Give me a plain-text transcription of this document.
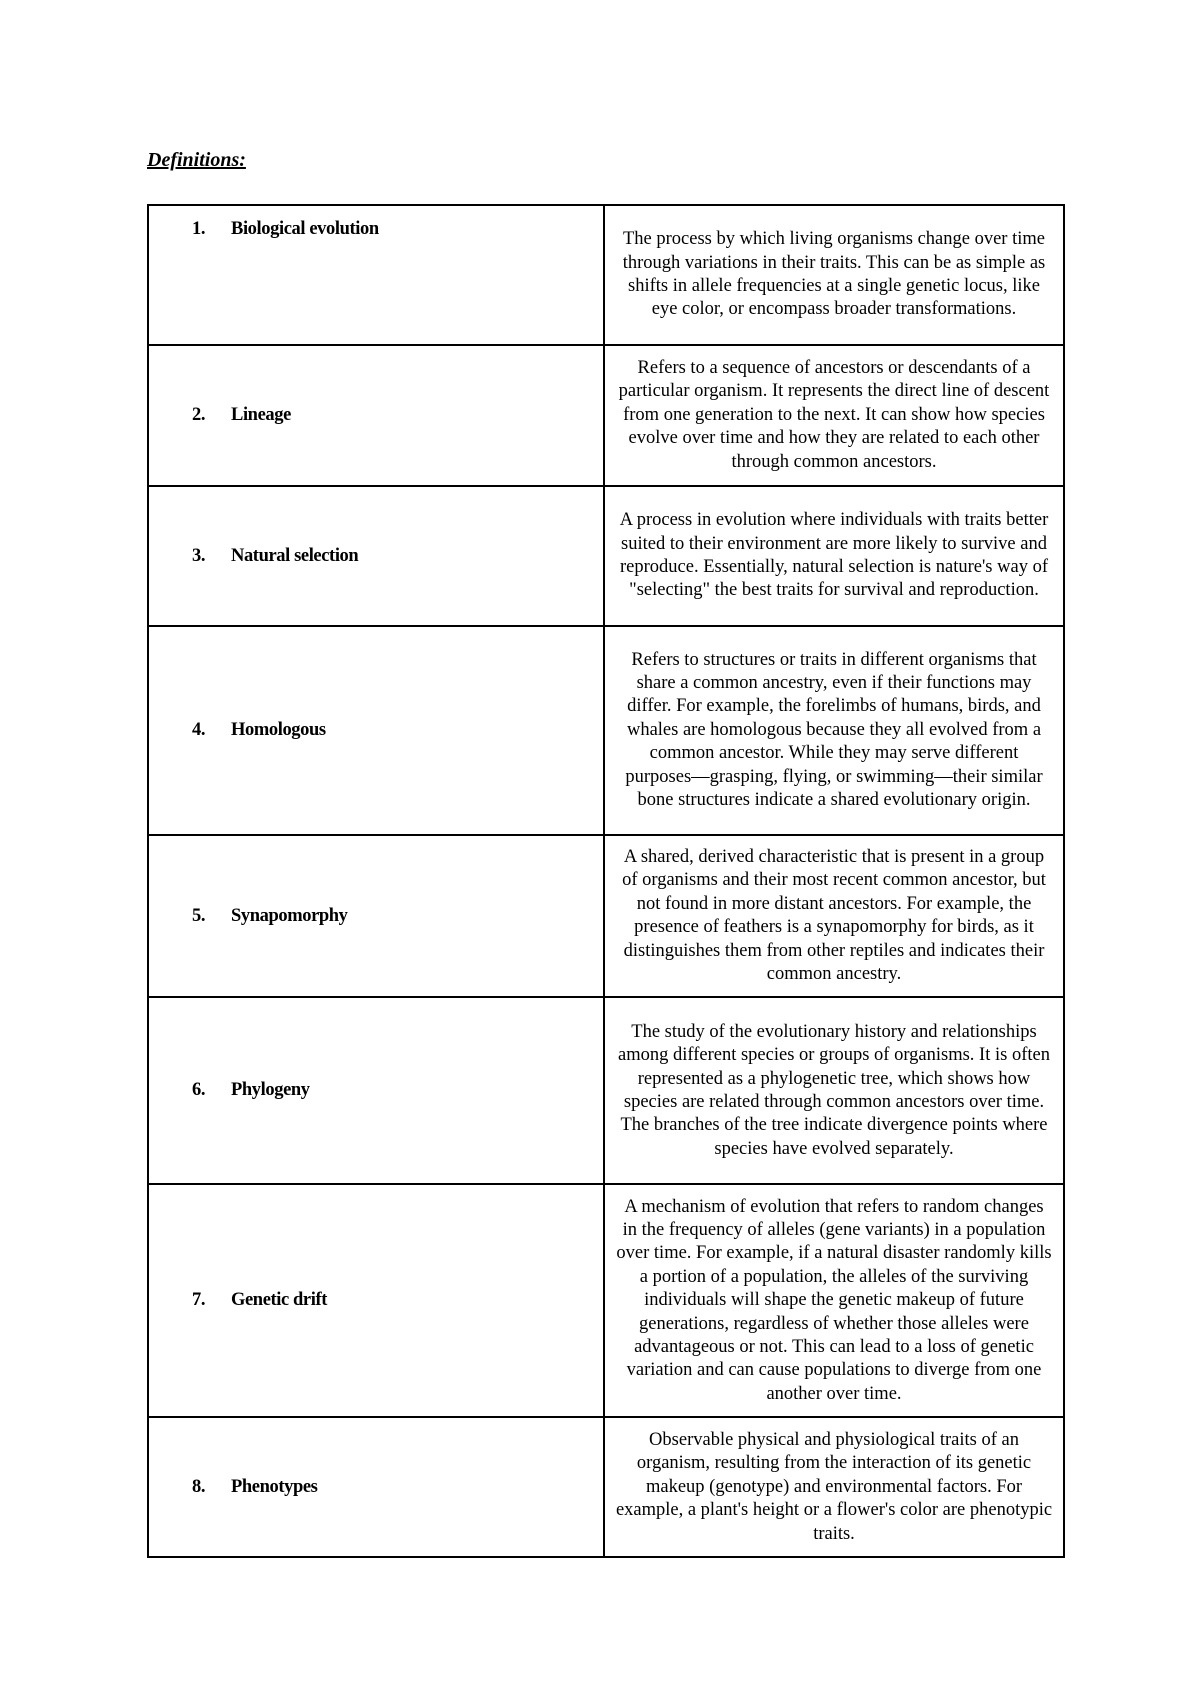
Definitions:
1. Biological evolution	The process by which living organisms change over time through variations in their traits. This can be as simple as shifts in allele frequencies at a single genetic locus, like eye color, or encompass broader transformations.

2. Lineage	Refers to a sequence of ancestors or descendants of a particular organism. It represents the direct line of descent from one generation to the next. It can show how species evolve over time and how they are related to each other through common ancestors.

3. Natural selection	A process in evolution where individuals with traits better suited to their environment are more likely to survive and reproduce. Essentially, natural selection is nature's way of "selecting" the best traits for survival and reproduction.

4. Homologous	Refers to structures or traits in different organisms that share a common ancestry, even if their functions may differ. For example, the forelimbs of humans, birds, and whales are homologous because they all evolved from a common ancestor. While they may serve different purposes—grasping, flying, or swimming—their similar bone structures indicate a shared evolutionary origin.

5. Synapomorphy	A shared, derived characteristic that is present in a group of organisms and their most recent common ancestor, but not found in more distant ancestors. For example, the presence of feathers is a synapomorphy for birds, as it distinguishes them from other reptiles and indicates their common ancestry.

6. Phylogeny	The study of the evolutionary history and relationships among different species or groups of organisms. It is often represented as a phylogenetic tree, which shows how species are related through common ancestors over time. The branches of the tree indicate divergence points where species have evolved separately.

7. Genetic drift	A mechanism of evolution that refers to random changes in the frequency of alleles (gene variants) in a population over time. For example, if a natural disaster randomly kills a portion of a population, the alleles of the surviving individuals will shape the genetic makeup of future generations, regardless of whether those alleles were advantageous or not. This can lead to a loss of genetic variation and can cause populations to diverge from one another over time.

8. Phenotypes	Observable physical and physiological traits of an organism, resulting from the interaction of its genetic makeup (genotype) and environmental factors. For example, a plant's height or a flower's color are phenotypic traits.
